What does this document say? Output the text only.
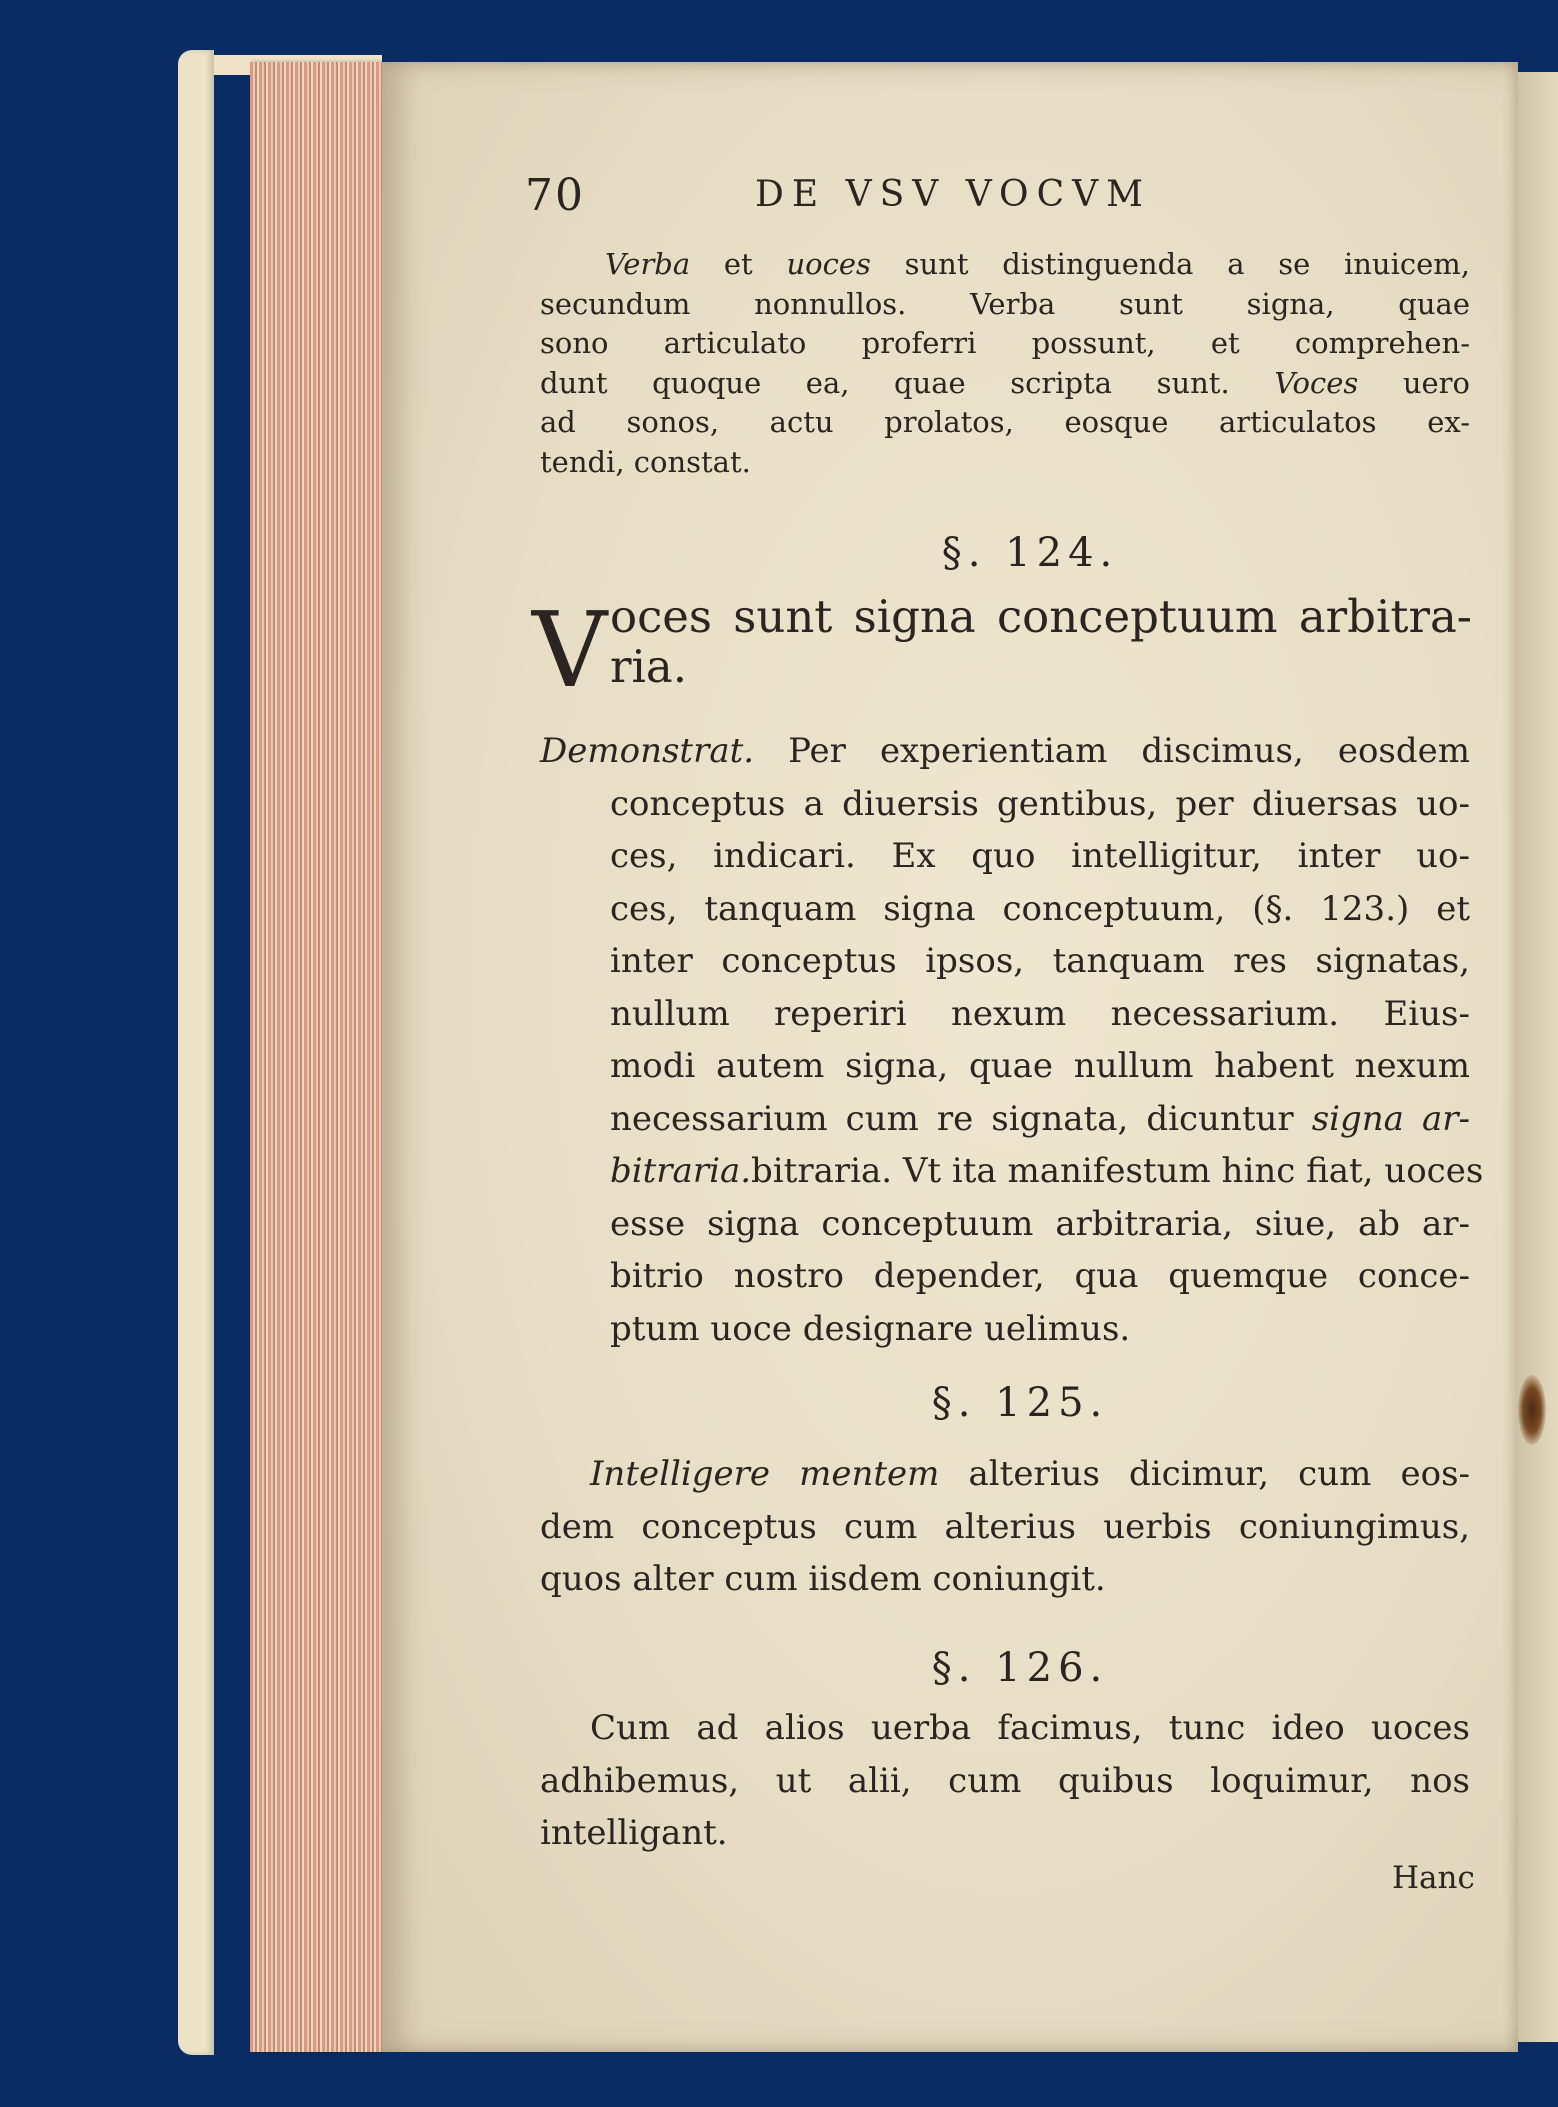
70	DE VSV VOCVM
Verba et uoces sunt distinguenda a se inuicem,
secundum nonnullos. Verba sunt signa, quae
sono articulato proferri possunt, et comprehen-
dunt quoque ea, quae scripta sunt. Voces uero
ad sonos, actu prolatos, eosque articulatos ex-
tendi, constat.
§. 124.
V oces sunt signa conceptuum arbitra-
ria.
Demonstrat. Per experientiam discimus, eosdem
conceptus a diuersis gentibus, per diuersas uo-
ces, indicari. Ex quo intelligitur, inter uo-
ces, tanquam signa conceptuum, (§. 123.) et
inter conceptus ipsos, tanquam res signatas,
nullum reperiri nexum necessarium. Eius-
modi autem signa, quae nullum habent nexum
necessarium cum re signata, dicuntur signa ar-
bitraria.bitraria. Vt ita manifestum hinc fiat, uoces
esse signa conceptuum arbitraria, siue, ab ar-
bitrio nostro depender, qua quemque conce-
ptum uoce designare uelimus.
§. 125.
Intelligere mentem alterius dicimur, cum eos-
dem conceptus cum alterius uerbis coniungimus,
quos alter cum iisdem coniungit.
§. 126.
Cum ad alios uerba facimus, tunc ideo uoces
adhibemus, ut alii, cum quibus loquimur, nos
intelligant.
Hanc
